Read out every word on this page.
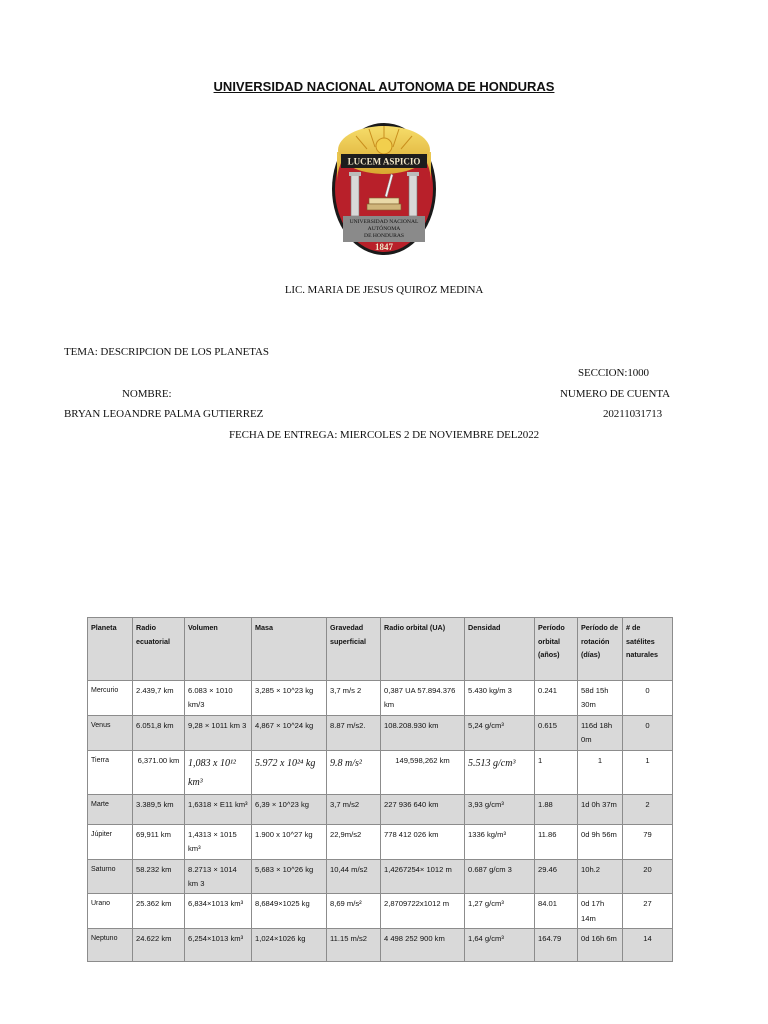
UNIVERSIDAD NACIONAL AUTONOMA DE HONDURAS
LUCEM ASPICIO
UNIVERSIDAD NACIONAL
AUTÓNOMA
DE HONDURAS
1847
LIC. MARIA DE JESUS QUIROZ MEDINA
TEMA: DESCRIPCION DE LOS PLANETAS
SECCION:1000
NOMBRE:	NUMERO DE CUENTA
BRYAN LEOANDRE PALMA GUTIERREZ	20211031713
FECHA DE ENTREGA: MIERCOLES 2 DE NOVIEMBRE DEL2022
Planeta	Radio ecuatorial	Volumen	Masa	Gravedad superficial	Radio orbital (UA)	Densidad	Período orbital (años)	Período de rotación (días)	# de satélites naturales
Mercurio	2.439,7 km	6.083 × 1010 km/3	3,285 × 10^23 kg	3,7 m/s 2	0,387 UA 57.894.376 km	5.430 kg/m 3	0.241	58d 15h 30m	0
Venus	6.051,8 km	9,28 × 1011 km 3	4,867 × 10^24 kg	8.87 m/s2.	108.208.930 km	5,24 g/cm³	0.615	116d 18h 0m	0
Tierra	6,371.00 km	1,083 x 10¹² km³	5.972 x 10²⁴ kg	9.8 m/s²	149,598,262 km	5.513 g/cm³	1	1	1
Marte	3.389,5 km	1,6318 × E11 km³	6,39 × 10^23 kg	3,7 m/s2	227 936 640 km	3,93 g/cm³	1.88	1d 0h 37m	2
Júpiter	69,911 km	1,4313 × 1015 km³	1.900 x 10^27 kg	22,9m/s2	778 412 026 km	1336 kg/m³	11.86	0d 9h 56m	79
Saturno	58.232 km	8.2713 × 1014 km 3	5,683 × 10^26 kg	10,44 m/s2	1,4267254× 1012 m	0.687 g/cm 3	29.46	10h.2	20
Urano	25.362 km	6,834×1013 km³	8,6849×1025 kg	8,69 m/s²	2,8709722x1012 m	1,27 g/cm³	84.01	0d 17h 14m	27
Neptuno	24.622 km	6,254×1013 km³	1,024×1026 kg	11.15 m/s2	4 498 252 900 km	1,64 g/cm³	164.79	0d 16h 6m	14
